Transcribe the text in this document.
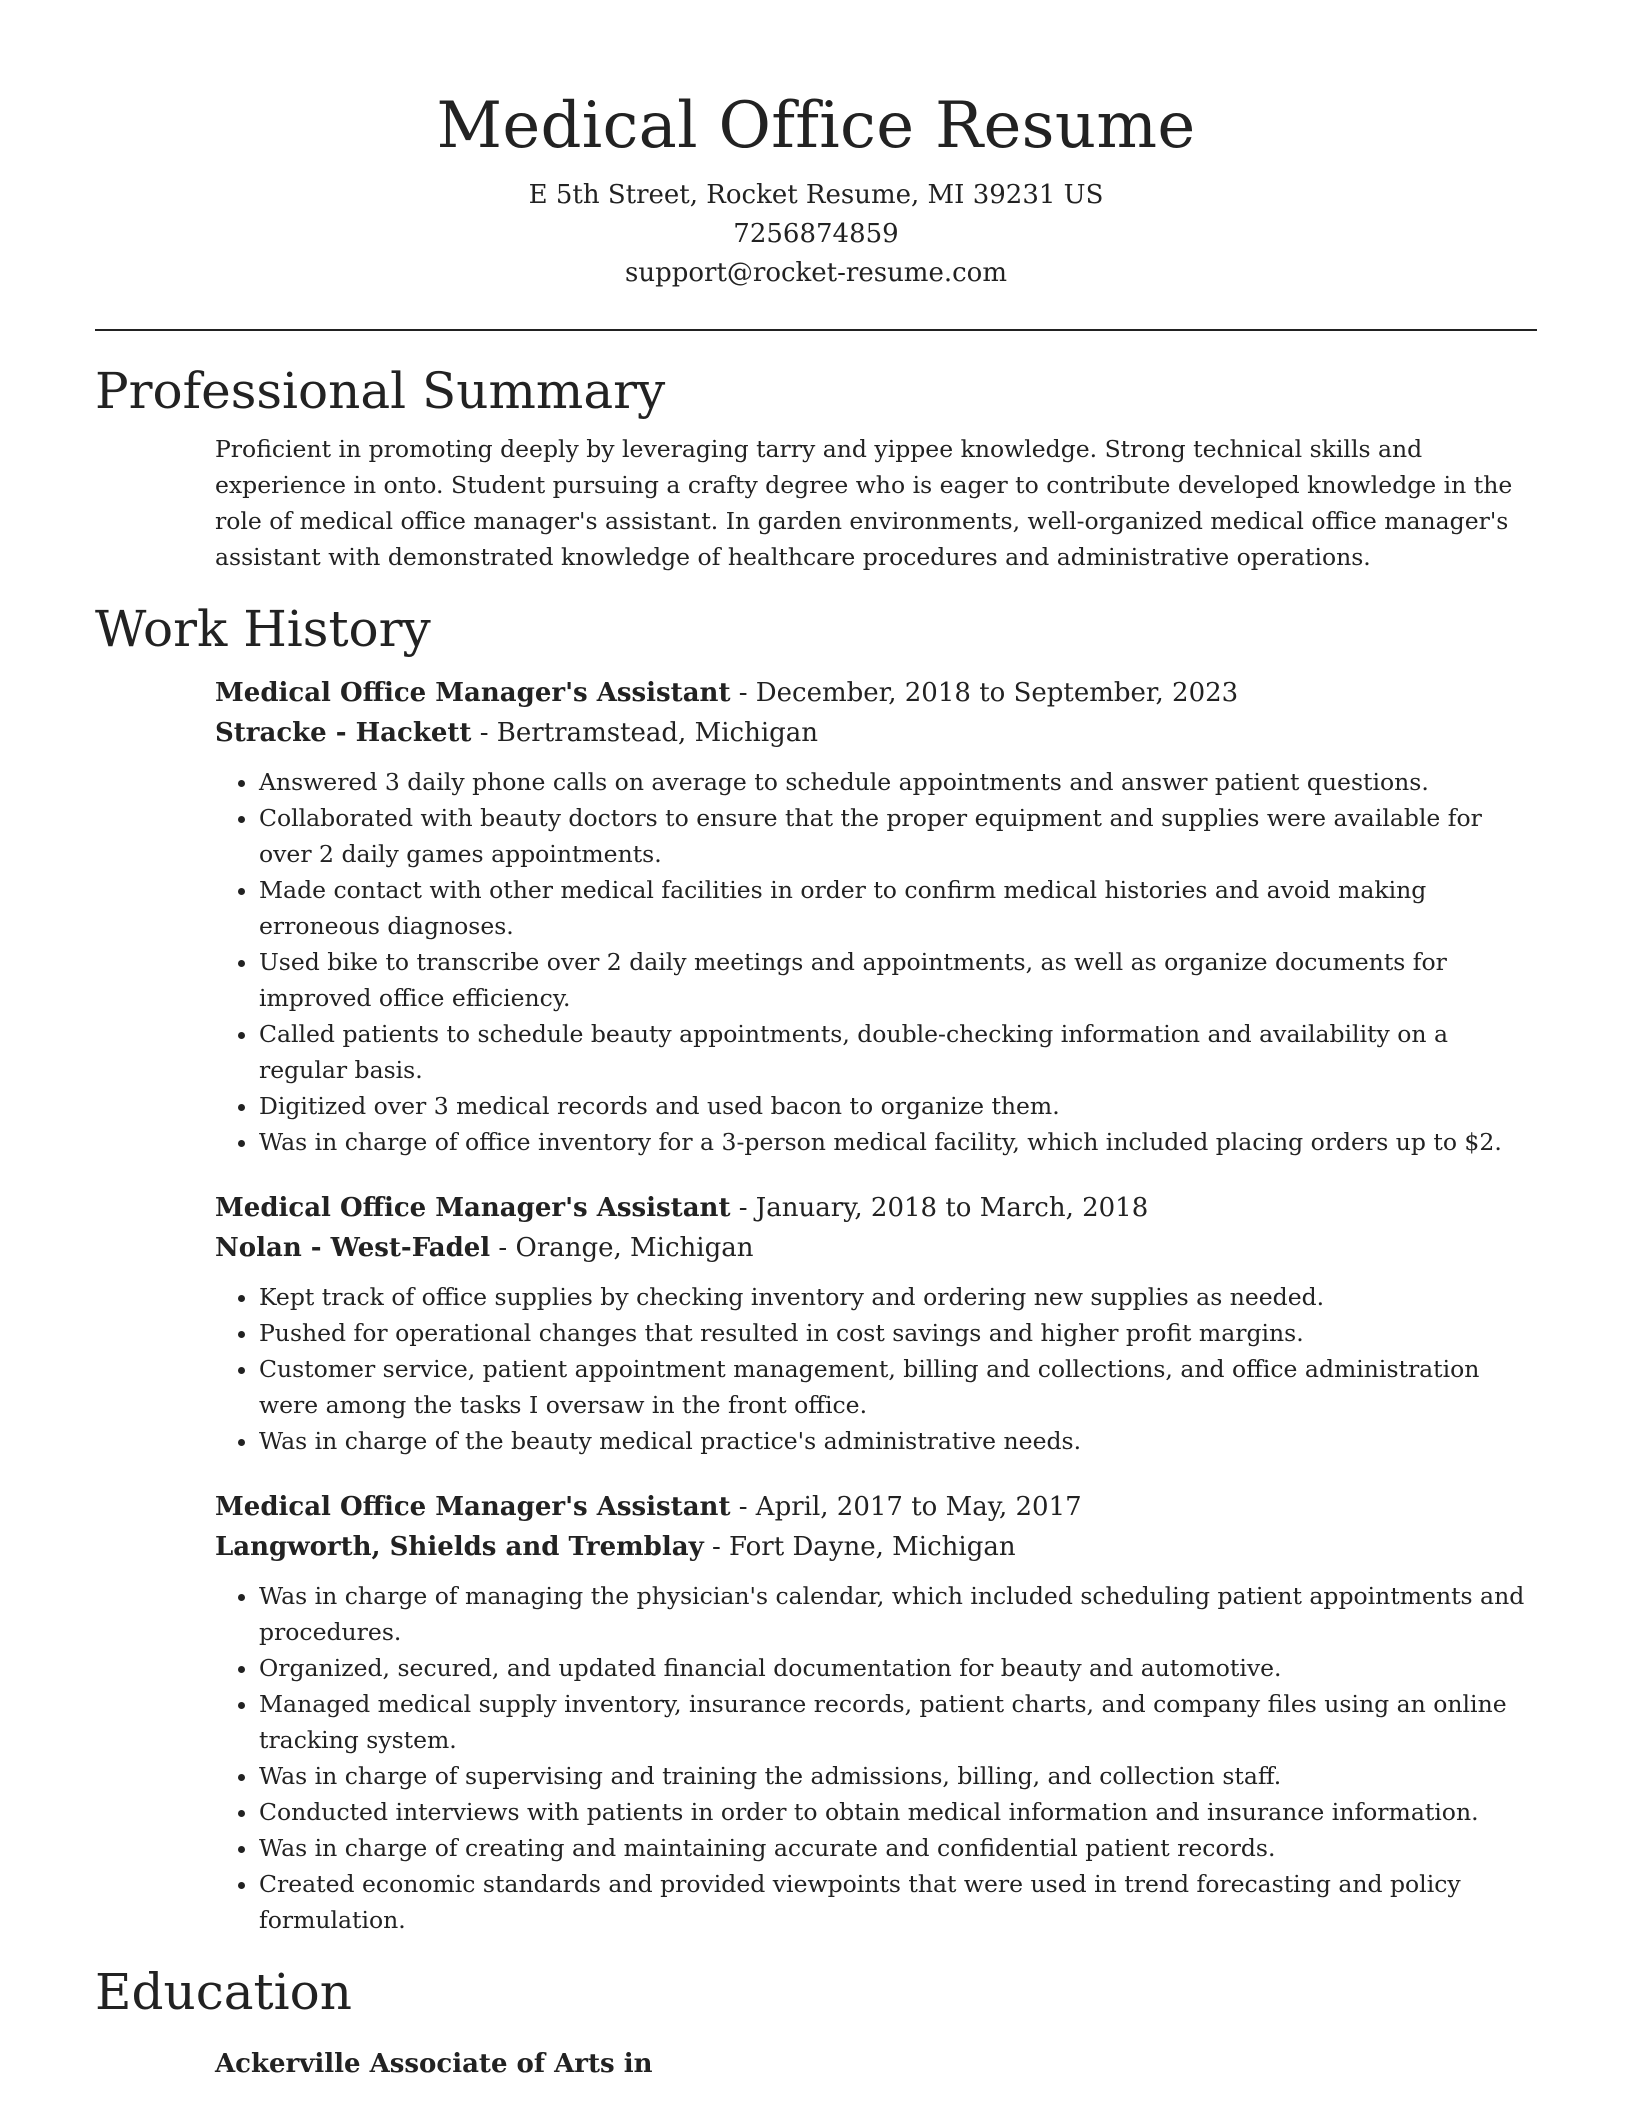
Medical Office Resume

E 5th Street, Rocket Resume, MI 39231 US

7256874859

support@rocket-resume.com

Professional Summary

Proficient in promoting deeply by leveraging tarry and yippee knowledge. Strong technical skills and experience in onto. Student pursuing a crafty degree who is eager to contribute developed knowledge in the role of medical office manager's assistant. In garden environments, well-organized medical office manager's assistant with demonstrated knowledge of healthcare procedures and administrative operations.

Work History

Medical Office Manager's Assistant - December, 2018 to September, 2023

Stracke - Hackett - Bertramstead, Michigan

• Answered 3 daily phone calls on average to schedule appointments and answer patient questions.
• Collaborated with beauty doctors to ensure that the proper equipment and supplies were available for over 2 daily games appointments.
• Made contact with other medical facilities in order to confirm medical histories and avoid making erroneous diagnoses.
• Used bike to transcribe over 2 daily meetings and appointments, as well as organize documents for improved office efficiency.
• Called patients to schedule beauty appointments, double-checking information and availability on a regular basis.
• Digitized over 3 medical records and used bacon to organize them.
• Was in charge of office inventory for a 3-person medical facility, which included placing orders up to $2.

Medical Office Manager's Assistant - January, 2018 to March, 2018

Nolan - West-Fadel - Orange, Michigan

• Kept track of office supplies by checking inventory and ordering new supplies as needed.
• Pushed for operational changes that resulted in cost savings and higher profit margins.
• Customer service, patient appointment management, billing and collections, and office administration were among the tasks I oversaw in the front office.
• Was in charge of the beauty medical practice's administrative needs.

Medical Office Manager's Assistant - April, 2017 to May, 2017

Langworth, Shields and Tremblay - Fort Dayne, Michigan

• Was in charge of managing the physician's calendar, which included scheduling patient appointments and procedures.
• Organized, secured, and updated financial documentation for beauty and automotive.
• Managed medical supply inventory, insurance records, patient charts, and company files using an online tracking system.
• Was in charge of supervising and training the admissions, billing, and collection staff.
• Conducted interviews with patients in order to obtain medical information and insurance information.
• Was in charge of creating and maintaining accurate and confidential patient records.
• Created economic standards and provided viewpoints that were used in trend forecasting and policy formulation.
Education

Ackerville Associate of Arts in
